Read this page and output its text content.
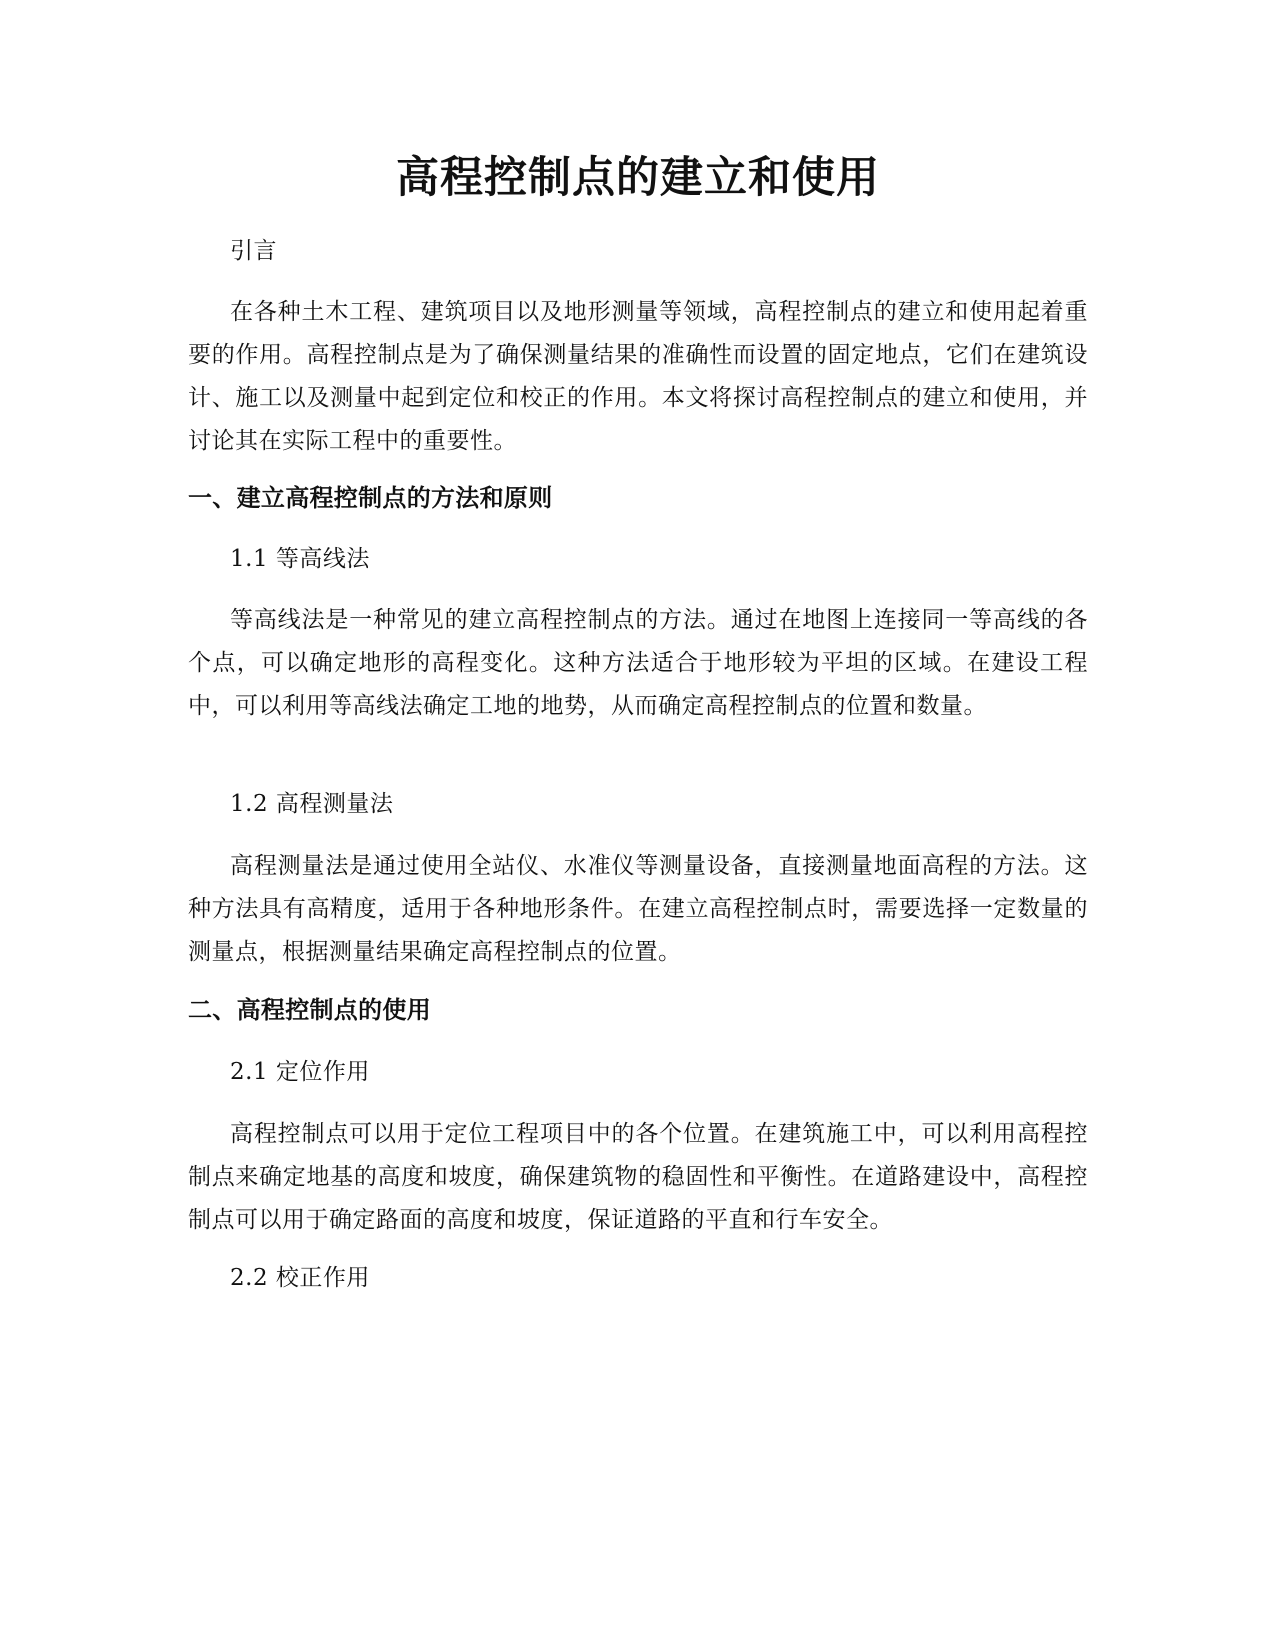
高程控制点的建立和使用

引言

在各种土木工程、建筑项目以及地形测量等领域，高程控制点的建立和使用起着重要的作用。高程控制点是为了确保测量结果的准确性而设置的固定地点，它们在建筑设计、施工以及测量中起到定位和校正的作用。本文将探讨高程控制点的建立和使用，并讨论其在实际工程中的重要性。

一、建立高程控制点的方法和原则

1.1 等高线法

等高线法是一种常见的建立高程控制点的方法。通过在地图上连接同一等高线的各个点，可以确定地形的高程变化。这种方法适合于地形较为平坦的区域。在建设工程中，可以利用等高线法确定工地的地势，从而确定高程控制点的位置和数量。

1.2 高程测量法

高程测量法是通过使用全站仪、水准仪等测量设备，直接测量地面高程的方法。这种方法具有高精度，适用于各种地形条件。在建立高程控制点时，需要选择一定数量的测量点，根据测量结果确定高程控制点的位置。

二、高程控制点的使用

2.1 定位作用

高程控制点可以用于定位工程项目中的各个位置。在建筑施工中，可以利用高程控制点来确定地基的高度和坡度，确保建筑物的稳固性和平衡性。在道路建设中，高程控制点可以用于确定路面的高度和坡度，保证道路的平直和行车安全。

2.2 校正作用
